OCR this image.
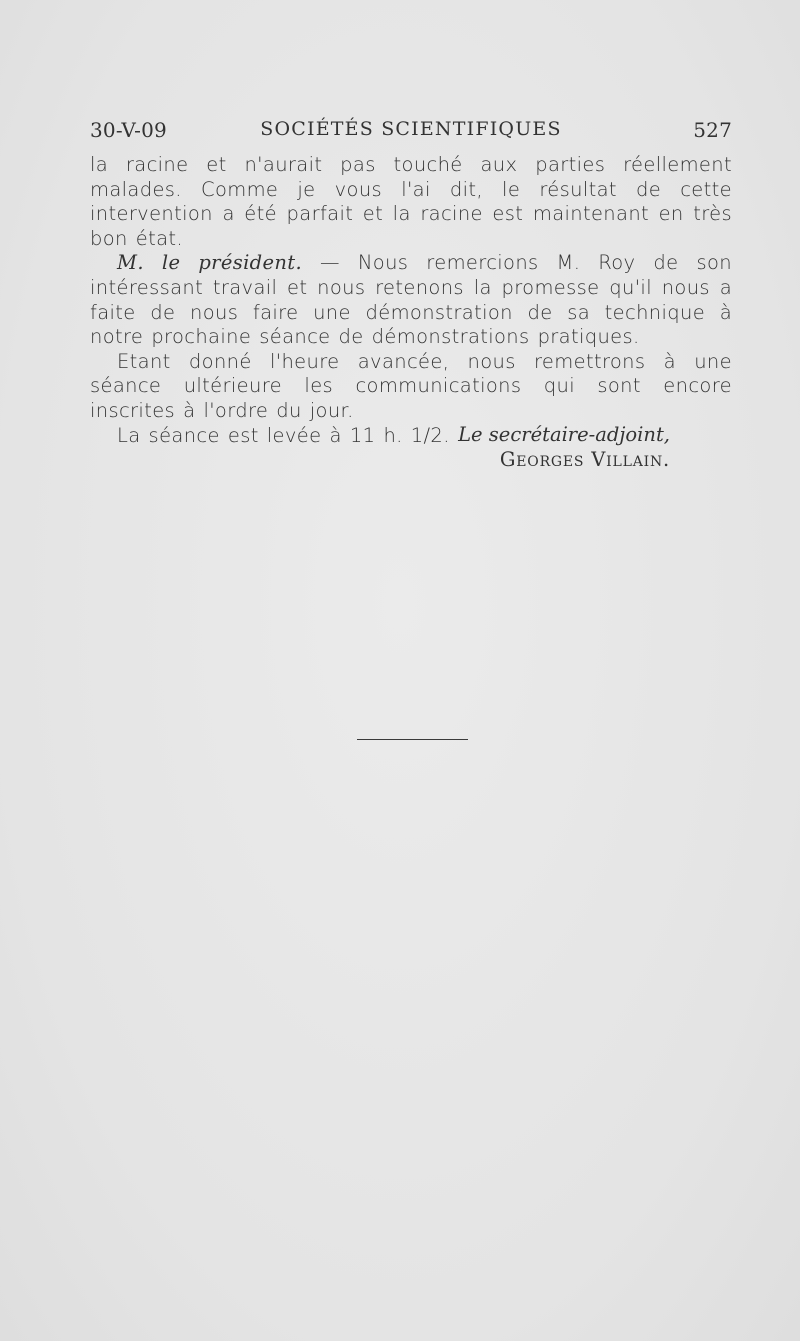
30-V-09	SOCIÉTÉS SCIENTIFIQUES	527

la racine et n'aurait pas touché aux parties réellement malades. Comme je vous l'ai dit, le résultat de cette intervention a été parfait et la racine est maintenant en très bon état.

M. le président. — Nous remercions M. Roy de son intéressant travail et nous retenons la promesse qu'il nous a faite de nous faire une démonstration de sa technique à notre prochaine séance de démonstrations pratiques.

Etant donné l'heure avancée, nous remettrons à une séance ultérieure les communications qui sont encore inscrites à l'ordre du jour.

La séance est levée à 11 h. 1/2. Le secrétaire-adjoint,
Georges Villain.
